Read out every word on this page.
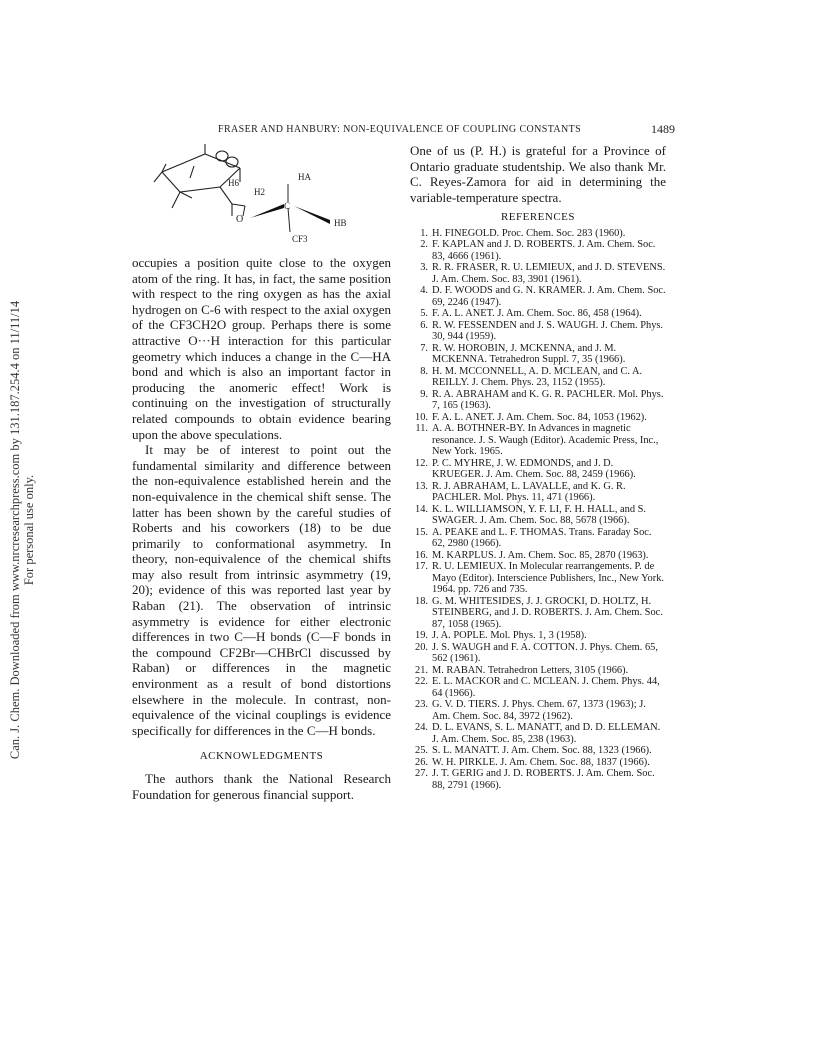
Can. J. Chem. Downloaded from www.nrcresearchpress.com by 131.187.254.4 on 11/11/14 For personal use only.
FRASER AND HANBURY: NON-EQUIVALENCE OF COUPLING CONSTANTS	1489
H6
H2
HA
O
C
HB
CF3

occupies a position quite close to the oxygen atom of the ring. It has, in fact, the same position with respect to the ring oxygen as has the axial hydrogen on C-6 with respect to the axial oxygen of the CF3CH2O group. Perhaps there is some attractive O···H interaction for this particular geometry which induces a change in the C—HA bond and which is also an important factor in producing the anomeric effect! Work is continuing on the investigation of structurally related compounds to obtain evidence bearing upon the above speculations.

It may be of interest to point out the fundamental similarity and difference between the non-equivalence established herein and the non-equivalence in the chemical shift sense. The latter has been shown by the careful studies of Roberts and his coworkers (18) to be due primarily to conformational asymmetry. In theory, non-equivalence of the chemical shifts may also result from intrinsic asymmetry (19, 20); evidence of this was reported last year by Raban (21). The observation of intrinsic asymmetry is evidence for either electronic differences in two C—H bonds (C—F bonds in the compound CF2Br—CHBrCl discussed by Raban) or differences in the magnetic environment as a result of bond distortions elsewhere in the molecule. In contrast, non-equivalence of the vicinal couplings is evidence specifically for differences in the C—H bonds.

ACKNOWLEDGMENTS

The authors thank the National Research Foundation for generous financial support.

One of us (P. H.) is grateful for a Province of Ontario graduate studentship. We also thank Mr. C. Reyes-Zamora for aid in determining the variable-temperature spectra.

REFERENCES

1. H. FINEGOLD. Proc. Chem. Soc. 283 (1960).
2. F. KAPLAN and J. D. ROBERTS. J. Am. Chem. Soc. 83, 4666 (1961).
3. R. R. FRASER, R. U. LEMIEUX, and J. D. STEVENS. J. Am. Chem. Soc. 83, 3901 (1961).
4. D. F. WOODS and G. N. KRAMER. J. Am. Chem. Soc. 69, 2246 (1947).
5. F. A. L. ANET. J. Am. Chem. Soc. 86, 458 (1964).
6. R. W. FESSENDEN and J. S. WAUGH. J. Chem. Phys. 30, 944 (1959).
7. R. W. HOROBIN, J. MCKENNA, and J. M. MCKENNA. Tetrahedron Suppl. 7, 35 (1966).
8. H. M. MCCONNELL, A. D. MCLEAN, and C. A. REILLY. J. Chem. Phys. 23, 1152 (1955).
9. R. A. ABRAHAM and K. G. R. PACHLER. Mol. Phys. 7, 165 (1963).
10. F. A. L. ANET. J. Am. Chem. Soc. 84, 1053 (1962).
11. A. A. BOTHNER-BY. In Advances in magnetic resonance. J. S. Waugh (Editor). Academic Press, Inc., New York. 1965.
12. P. C. MYHRE, J. W. EDMONDS, and J. D. KRUEGER. J. Am. Chem. Soc. 88, 2459 (1966).
13. R. J. ABRAHAM, L. LAVALLE, and K. G. R. PACHLER. Mol. Phys. 11, 471 (1966).
14. K. L. WILLIAMSON, Y. F. LI, F. H. HALL, and S. SWAGER. J. Am. Chem. Soc. 88, 5678 (1966).
15. A. PEAKE and L. F. THOMAS. Trans. Faraday Soc. 62, 2980 (1966).
16. M. KARPLUS. J. Am. Chem. Soc. 85, 2870 (1963).
17. R. U. LEMIEUX. In Molecular rearrangements. P. de Mayo (Editor). Interscience Publishers, Inc., New York. 1964. pp. 726 and 735.
18. G. M. WHITESIDES, J. J. GROCKI, D. HOLTZ, H. STEINBERG, and J. D. ROBERTS. J. Am. Chem. Soc. 87, 1058 (1965).
19. J. A. POPLE. Mol. Phys. 1, 3 (1958).
20. J. S. WAUGH and F. A. COTTON. J. Phys. Chem. 65, 562 (1961).
21. M. RABAN. Tetrahedron Letters, 3105 (1966).
22. E. L. MACKOR and C. MCLEAN. J. Chem. Phys. 44, 64 (1966).
23. G. V. D. TIERS. J. Phys. Chem. 67, 1373 (1963); J. Am. Chem. Soc. 84, 3972 (1962).
24. D. L. EVANS, S. L. MANATT, and D. D. ELLEMAN. J. Am. Chem. Soc. 85, 238 (1963).
25. S. L. MANATT. J. Am. Chem. Soc. 88, 1323 (1966).
26. W. H. PIRKLE. J. Am. Chem. Soc. 88, 1837 (1966).
27. J. T. GERIG and J. D. ROBERTS. J. Am. Chem. Soc. 88, 2791 (1966).
